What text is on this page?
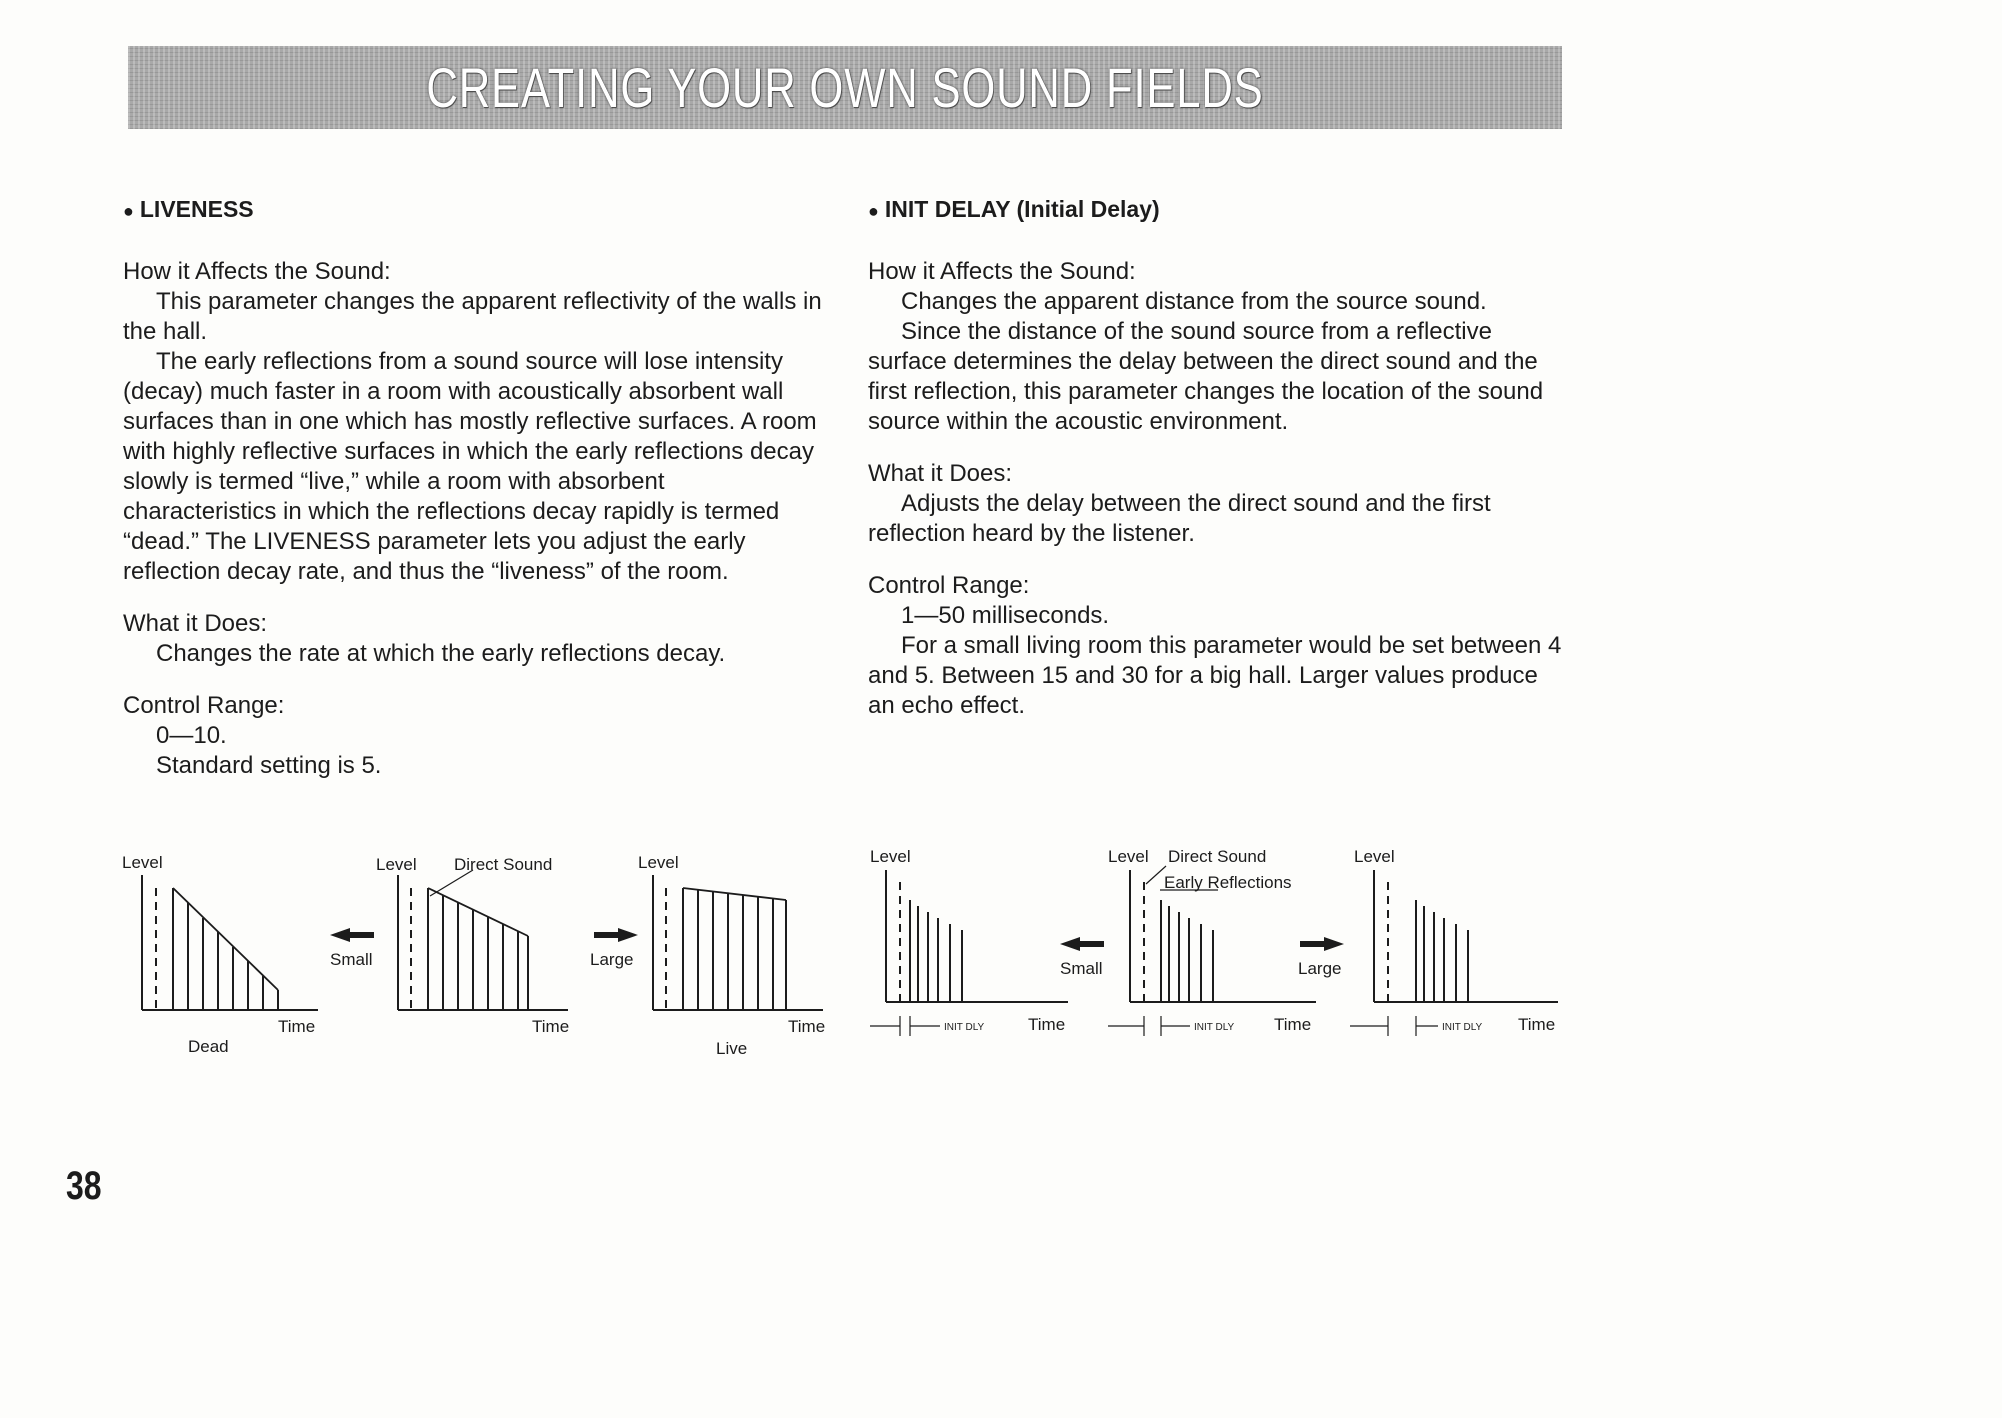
CREATING YOUR OWN SOUND FIELDS
● LIVENESS

How it Affects the Sound:

This parameter changes the apparent reflectivity of the walls in the hall.

The early reflections from a sound source will lose intensity (decay) much faster in a room with acoustically absorbent wall surfaces than in one which has mostly reflective surfaces. A room with highly reflective surfaces in which the early reflections decay slowly is termed “live,” while a room with absorbent characteristics in which the reflections decay rapidly is termed “dead.” The LIVENESS parameter lets you adjust the early reflection decay rate, and thus the “liveness” of the room.

What it Does:

Changes the rate at which the early reflections decay.

Control Range:

0—10.

Standard setting is 5.

● INIT DELAY (Initial Delay)

How it Affects the Sound:

Changes the apparent distance from the source sound.

Since the distance of the sound source from a reflective surface determines the delay between the direct sound and the first reflection, this parameter changes the location of the sound source within the acoustic environment.

What it Does:

Adjusts the delay between the direct sound and the first reflection heard by the listener.

Control Range:

1—50 milliseconds.

For a small living room this parameter would be set between 4 and 5. Between 15 and 30 for a big hall. Larger values produce an echo effect.

Level	Level Direct Sound	Level
Small	Large
Time	Time	Time
Dead	Live
Level	Level Direct Sound
Early Reflections
Level
Small	Large
INIT DLY	INIT DLY	INIT DLY
Time	Time	Time
38
